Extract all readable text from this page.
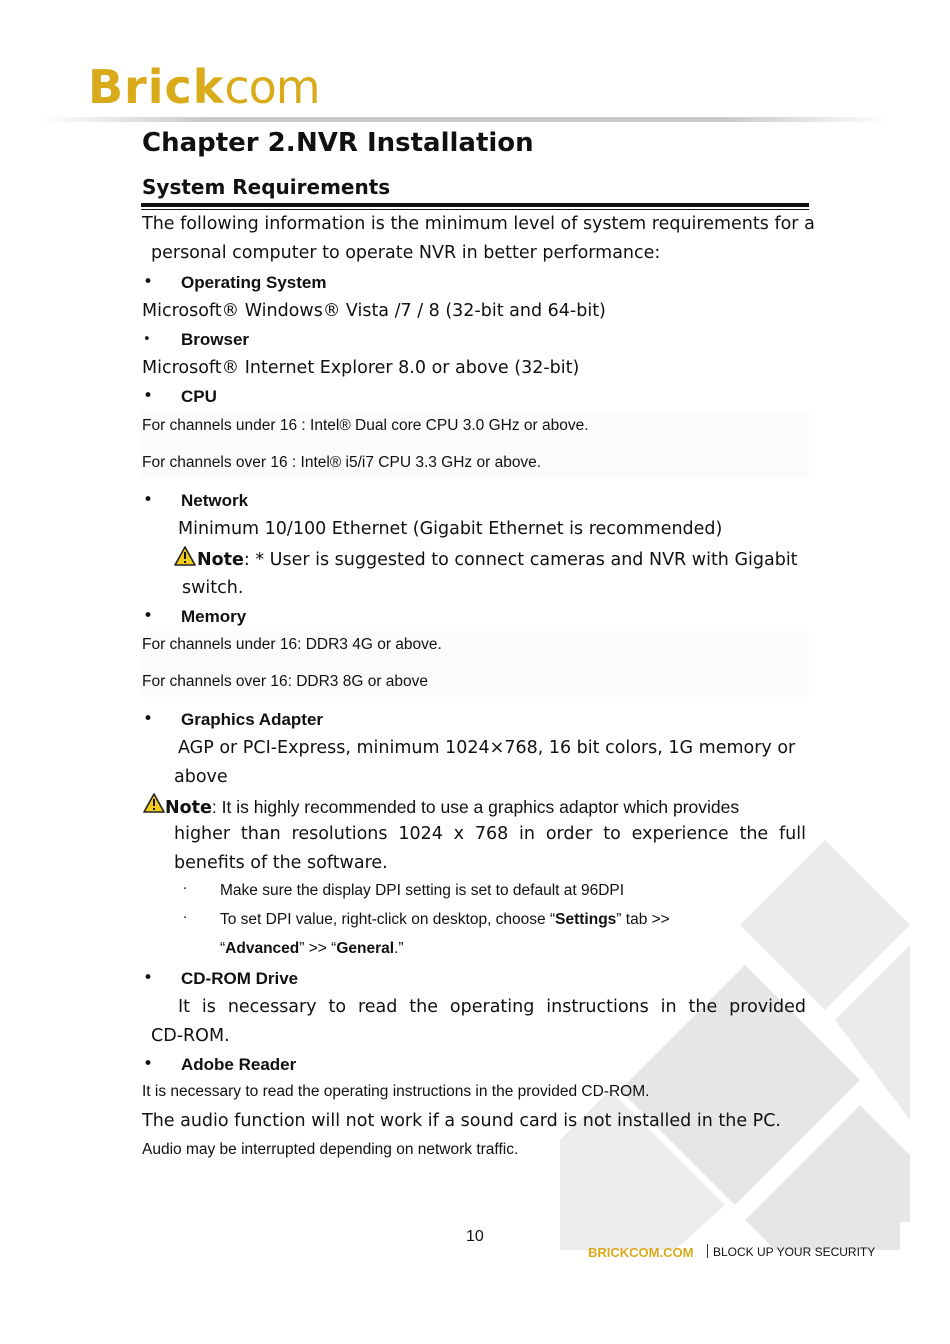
Brickcom
Chapter 2. NVR Installation
System Requirements
The following information is the minimum level of system requirements for a
personal computer to operate NVR in better performance:
• Operating System
Microsoft® Windows® Vista /7 / 8 (32-bit and 64-bit)
• Browser
Microsoft® Internet Explorer 8.0 or above (32-bit)
• CPU
For channels under 16 : Intel® Dual core CPU 3.0 GHz or above.
For channels over 16 : Intel® i5/i7 CPU 3.3 GHz or above.
• Network
Minimum 10/100 Ethernet (Gigabit Ethernet is recommended)
Note: * User is suggested to connect cameras and NVR with Gigabit
switch.
• Memory
For channels under 16: DDR3 4G or above.
For channels over 16: DDR3 8G or above
• Graphics Adapter
AGP or PCI-Express, minimum 1024×768, 16 bit colors, 1G memory or
above
Note: It is highly recommended to use a graphics adaptor which provides
higher than resolutions 1024 x 768 in order to experience the full
benefits of the software.
· Make sure the display DPI setting is set to default at 96DPI
· To set DPI value, right-click on desktop, choose “Settings” tab >>
“Advanced” >> “General.”
• CD-ROM Drive
It is necessary to read the operating instructions in the provided
CD-ROM.
• Adobe Reader
It is necessary to read the operating instructions in the provided CD-ROM.
The audio function will not work if a sound card is not installed in the PC.
Audio may be interrupted depending on network traffic.
10
BRICKCOM.COM BLOCK UP YOUR SECURITY
